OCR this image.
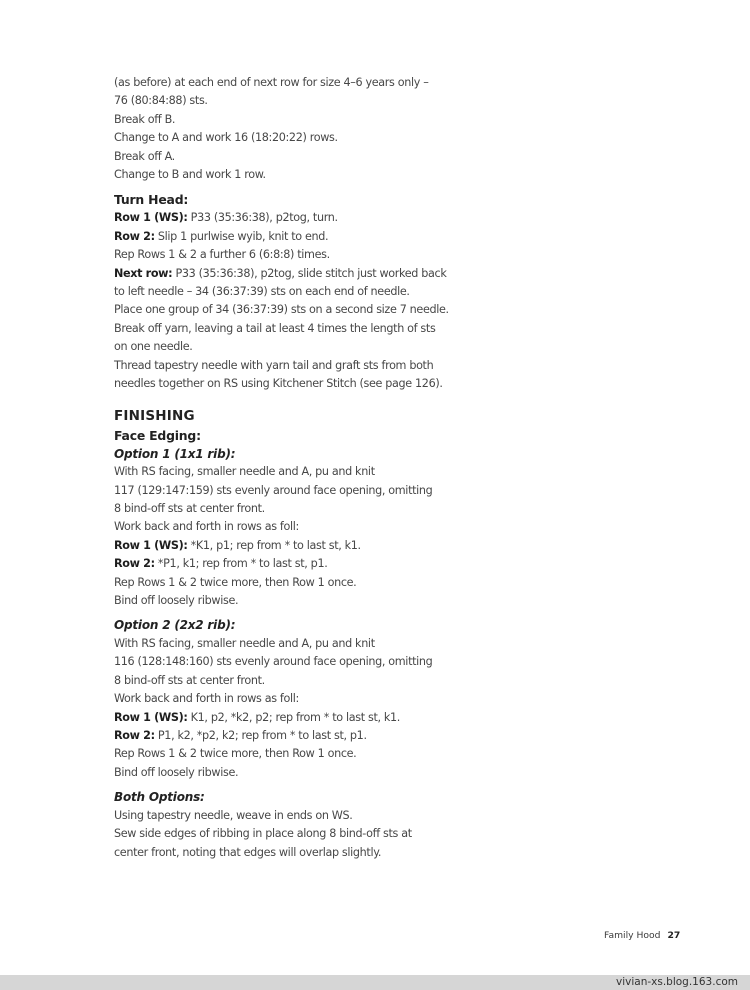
(as before) at each end of next row for size 4–6 years only –
76 (80:84:88) sts.
Break off B.
Change to A and work 16 (18:20:22) rows.
Break off A.
Change to B and work 1 row.
Turn Head:
Row 1 (WS): P33 (35:36:38), p2tog, turn.
Row 2: Slip 1 purlwise wyib, knit to end.
Rep Rows 1 & 2 a further 6 (6:8:8) times.
Next row: P33 (35:36:38), p2tog, slide stitch just worked back
to left needle – 34 (36:37:39) sts on each end of needle.
Place one group of 34 (36:37:39) sts on a second size 7 needle.
Break off yarn, leaving a tail at least 4 times the length of sts
on one needle.
Thread tapestry needle with yarn tail and graft sts from both
needles together on RS using Kitchener Stitch (see page 126).
FINISHING
Face Edging:
Option 1 (1x1 rib):
With RS facing, smaller needle and A, pu and knit
117 (129:147:159) sts evenly around face opening, omitting
8 bind-off sts at center front.
Work back and forth in rows as foll:
Row 1 (WS): *K1, p1; rep from * to last st, k1.
Row 2: *P1, k1; rep from * to last st, p1.
Rep Rows 1 & 2 twice more, then Row 1 once.
Bind off loosely ribwise.
Option 2 (2x2 rib):
With RS facing, smaller needle and A, pu and knit
116 (128:148:160) sts evenly around face opening, omitting
8 bind-off sts at center front.
Work back and forth in rows as foll:
Row 1 (WS): K1, p2, *k2, p2; rep from * to last st, k1.
Row 2: P1, k2, *p2, k2; rep from * to last st, p1.
Rep Rows 1 & 2 twice more, then Row 1 once.
Bind off loosely ribwise.
Both Options:
Using tapestry needle, weave in ends on WS.
Sew side edges of ribbing in place along 8 bind-off sts at
center front, noting that edges will overlap slightly.
Family Hood 27
vivian-xs.blog.163.com
